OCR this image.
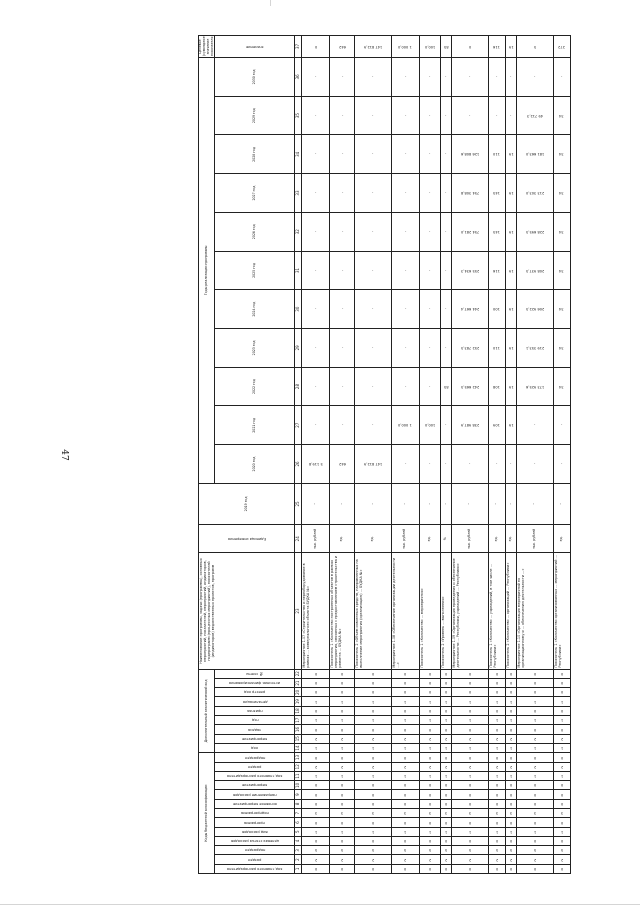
47
Коды бюджетной классификации													Дополнительный аналитический код									Наименование программы, задачи (программы), основных мероприятий, показателей, мероприятий, индикаторов, подпрограмм (процессных мероприятий), показателей (индикаторов) ведомственных проектов, программ	Единица измерения	2019 год	Годы реализации программы											Целевое (суммарное) значение показателя

код главного распорядителя	раздел	подраздел	целевая статья расходов	вид расходов	программа	подпрограмма	основное мероприятие	направление расходов	мероприятие	код главного распорядителя	раздел	подраздел	код	мероприятие	задача	год	признак	детализация	реестр код	источник финансирования	№ сметы				2020 год	2021 год	2022 год	2023 год	2024 год	2025 год	2026 год	2027 год	2028 год	2029 год	2030 год	значение

1	2	3	4	5	6	7	8	9	10	11	12	13	14	15	16	17	18	19	20	21	22	23	24	25	26	27	28	29	30	31	32	33	34	35	36	37

0	2	5	0	1	0	3	0	0	0	1	2	0	1	2	0	1	0	1	0	0	0	Мероприятие 1.07 «Строительство и переоборудование в рамках ... коммунального объекта БУДКА №»	тыс. рублей	-	5 119,8	-	-	-	-	-	-	-	-	-	-	0

0	2	5	0	1	0	3	0	0	0	1	2	0	1	2	0	1	0	1	0	0	0	Показатель 1 «Количество построенных объектов в рамках мероприятия, связанных с предоставлением строительства и ремонта ... БУДКА №»	ед.	-	642	-	-	-	-	-	-	-	-	-	-	642

0	2	5	0	1	0	3	0	0	0	1	2	0	1	2	0	1	0	1	0	0	0	Показатель 2 «Объем освоенных средств, направленных на выполнение мероприятия (организацию) ... БУДКА №»	ед.	-	147 812,9	-	-	-	-	-	-	-	-	-	-	147 812,9

0	2	5	0	1	0	3	0	0	0	1	2	0	1	2	0	1	0	1	0	0	0	Мероприятие 1.08 «Обеспечение организации деятельности ...»	тыс. рублей	-	-	1 000,0	-	-	-	-	-	-	-	-	-	1 000,0

0	2	5	0	1	0	3	0	0	0	1	2	0	1	2	0	1	0	1	0	0	0	Показатель 1 «Количество ... мероприятия»	ед.	-	-	100,0	-	-	-	-	-	-	-	-	-	100,0

0	2	5	0	1	0	3	0	0	0	1	2	0	1	2	0	1	0	1	0	0	0	Показатель 2 «Уровень ... выполнения»	%	-	-	-	85	-	-	-	-	-	-	-	-	85

0	2	5	0	1	0	3	0	0	0	1	2	0	1	2	0	1	0	1	0	0	0	Мероприятие 1.09 «Организация проведения и обеспечение деятельности ... Республики, учреждений ... Республики»	тыс. рублей	-	-	238 987,9	242 665,5	252 783,5	244 667,4	255 634,3	754 281,0	754 308,8	126 808,6	-	-	0

0	2	5	0	1	0	3	0	0	0	1	2	0	1	2	0	1	0	1	0	0	0	Показатель 1 «Количество ... учреждений, в том числе ... Республики»	ед.	-	-	109	108	110	100	116	145	145	110	-	-	116

0	2	5	0	1	0	3	0	0	0	1	2	0	1	2	0	1	0	1	0	0	0	Показатель 2 «Количество ... организаций ... Республики»	ед.	-	-	19	19	19	19	19	19	19	19	-	-	19

0	2	5	0	1	0	3	0	0	0	1	2	0	1	2	0	1	0	1	0	0	0	Мероприятие 1.10 «Организация мероприятий по организационному и ... обеспечению деятельности ...»	тыс. рублей	-	-	-	173 925,6	219 353,1	206 922,5	208 937,5	228 695,5	213 303,0	181 663,0	49 712,3	-	5

0	2	5	0	1	0	3	0	0	0	1	2	0	1	2	0	1	0	1	0	0	0	Показатель 1 «Количество организованных ... мероприятий ... Республики»	ед.	-	-	-	34	34	34	34	34	34	34	34	-	272
